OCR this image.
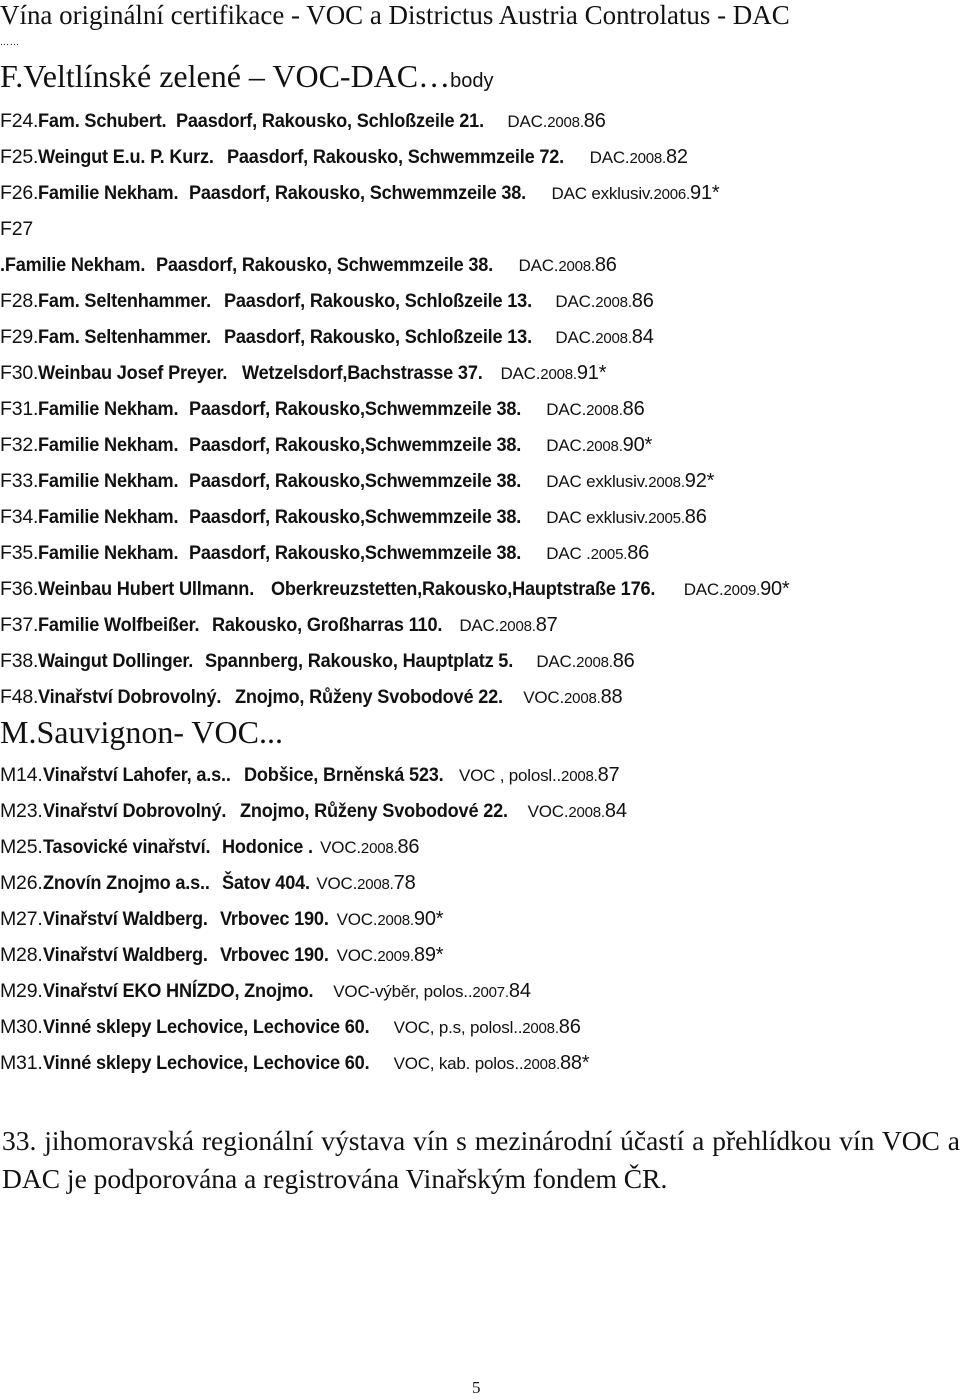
Vína originální certifikace - VOC a Districtus Austria Controlatus - DAC
……
F.Veltlínské zelené – VOC-DAC…body
F24.Fam. Schubert. Paasdorf, Rakousko, Schloßzeile 21. DAC.2008.86
F25.Weingut E.u. P. Kurz. Paasdorf, Rakousko, Schwemmzeile 72. DAC.2008.82
F26.Familie Nekham. Paasdorf, Rakousko, Schwemmzeile 38. DAC exklusiv.2006.91*
F27
.Familie Nekham. Paasdorf, Rakousko, Schwemmzeile 38. DAC.2008.86
F28.Fam. Seltenhammer. Paasdorf, Rakousko, Schloßzeile 13. DAC.2008.86
F29.Fam. Seltenhammer. Paasdorf, Rakousko, Schloßzeile 13. DAC.2008.84
F30.Weinbau Josef Preyer. Wetzelsdorf,Bachstrasse 37. DAC.2008.91*
F31.Familie Nekham. Paasdorf, Rakousko,Schwemmzeile 38. DAC.2008.86
F32.Familie Nekham. Paasdorf, Rakousko,Schwemmzeile 38. DAC.2008.90*
F33.Familie Nekham. Paasdorf, Rakousko,Schwemmzeile 38. DAC exklusiv.2008.92*
F34.Familie Nekham. Paasdorf, Rakousko,Schwemmzeile 38. DAC exklusiv.2005.86
F35.Familie Nekham. Paasdorf, Rakousko,Schwemmzeile 38. DAC .2005.86
F36.Weinbau Hubert Ullmann. Oberkreuzstetten,Rakousko,Hauptstraße 176. DAC.2009.90*
F37.Familie Wolfbeißer. Rakousko, Großharras 110. DAC.2008.87
F38.Waingut Dollinger. Spannberg, Rakousko, Hauptplatz 5. DAC.2008.86
F48.Vinařství Dobrovolný. Znojmo, Růženy Svobodové 22. VOC.2008.88
M.Sauvignon- VOC...
M14.Vinařství Lahofer, a.s.. Dobšice, Brněnská 523. VOC , polosl..2008.87
M23.Vinařství Dobrovolný. Znojmo, Růženy Svobodové 22. VOC.2008.84
M25.Tasovické vinařství. Hodonice . VOC.2008.86
M26.Znovín Znojmo a.s.. Šatov 404. VOC.2008.78
M27.Vinařství Waldberg. Vrbovec 190. VOC.2008.90*
M28.Vinařství Waldberg. Vrbovec 190. VOC.2009.89*
M29.Vinařství EKO HNÍZDO, Znojmo. VOC-výběr, polos..2007.84
M30.Vinné sklepy Lechovice, Lechovice 60. VOC, p.s, polosl..2008.86
M31.Vinné sklepy Lechovice, Lechovice 60. VOC, kab. polos..2008.88*
33. jihomoravská regionální výstava vín s mezinárodní účastí a přehlídkou vín VOC a DAC je podporována a registrována Vinařským fondem ČR.
5
